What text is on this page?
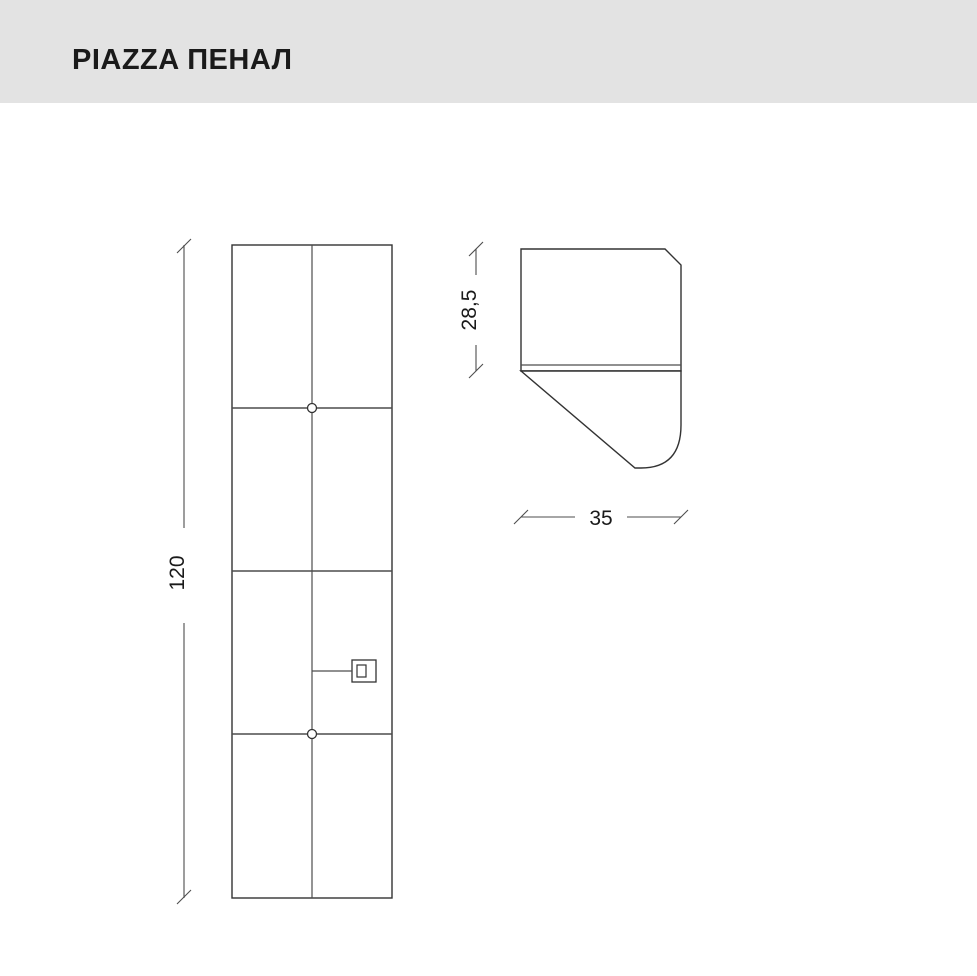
PIAZZA ПЕНАЛ
120
28,5
35
